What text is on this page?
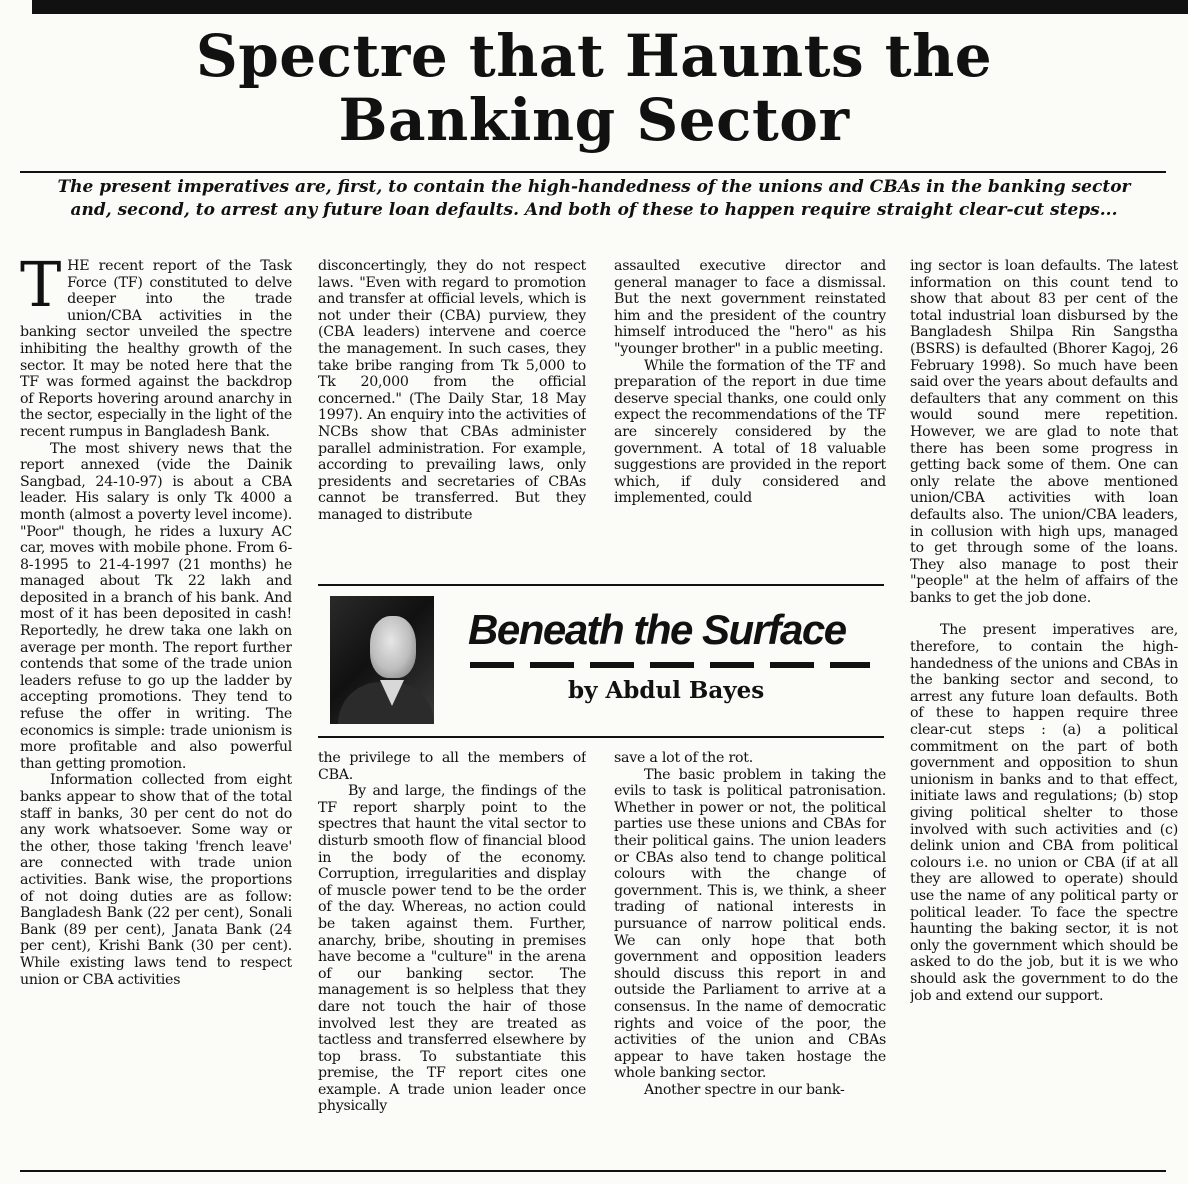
Spectre that Haunts the
Banking Sector
The present imperatives are, first, to contain the high-handedness of the unions and CBAs in the banking sector and, second, to arrest any future loan defaults. And both of these to happen require straight clear-cut steps...

THE recent report of the Task Force (TF) constituted to delve deeper into the trade union/CBA activities in the banking sector unveiled the spectre inhibiting the healthy growth of the sector. It may be noted here that the TF was formed against the backdrop of Reports hovering around anarchy in the sector, especially in the light of the recent rumpus in Bangladesh Bank.

The most shivery news that the report annexed (vide the Dainik Sangbad, 24-10-97) is about a CBA leader. His salary is only Tk 4000 a month (almost a poverty level income). "Poor" though, he rides a luxury AC car, moves with mobile phone. From 6-8-1995 to 21-4-1997 (21 months) he managed about Tk 22 lakh and deposited in a branch of his bank. And most of it has been deposited in cash! Reportedly, he drew taka one lakh on average per month. The report further contends that some of the trade union leaders refuse to go up the ladder by accepting promotions. They tend to refuse the offer in writing. The economics is simple: trade unionism is more profitable and also powerful than getting promotion.

Information collected from eight banks appear to show that of the total staff in banks, 30 per cent do not do any work whatsoever. Some way or the other, those taking 'french leave' are connected with trade union activities. Bank wise, the proportions of not doing duties are as follow: Bangladesh Bank (22 per cent), Sonali Bank (89 per cent), Janata Bank (24 per cent), Krishi Bank (30 per cent). While existing laws tend to respect union or CBA activities

disconcertingly, they do not respect laws. "Even with regard to promotion and transfer at official levels, which is not under their (CBA) purview, they (CBA leaders) intervene and coerce the management. In such cases, they take bribe ranging from Tk 5,000 to Tk 20,000 from the official concerned." (The Daily Star, 18 May 1997). An enquiry into the activities of NCBs show that CBAs administer parallel administration. For example, according to prevailing laws, only presidents and secretaries of CBAs cannot be transferred. But they managed to distribute

assaulted executive director and general manager to face a dismissal. But the next government reinstated him and the president of the country himself introduced the "hero" as his "younger brother" in a public meeting.

While the formation of the TF and preparation of the report in due time deserve special thanks, one could only expect the recommendations of the TF are sincerely considered by the government. A total of 18 valuable suggestions are provided in the report which, if duly considered and implemented, could

Beneath the Surface
by Abdul Bayes

the privilege to all the members of CBA.

By and large, the findings of the TF report sharply point to the spectres that haunt the vital sector to disturb smooth flow of financial blood in the body of the economy. Corruption, irregularities and display of muscle power tend to be the order of the day. Whereas, no action could be taken against them. Further, anarchy, bribe, shouting in premises have become a "culture" in the arena of our banking sector. The management is so helpless that they dare not touch the hair of those involved lest they are treated as tactless and transferred elsewhere by top brass. To substantiate this premise, the TF report cites one example. A trade union leader once physically

save a lot of the rot.

The basic problem in taking the evils to task is political patronisation. Whether in power or not, the political parties use these unions and CBAs for their political gains. The union leaders or CBAs also tend to change political colours with the change of government. This is, we think, a sheer trading of national interests in pursuance of narrow political ends. We can only hope that both government and opposition leaders should discuss this report in and outside the Parliament to arrive at a consensus. In the name of democratic rights and voice of the poor, the activities of the union and CBAs appear to have taken hostage the whole banking sector.

Another spectre in our bank-

ing sector is loan defaults. The latest information on this count tend to show that about 83 per cent of the total industrial loan disbursed by the Bangladesh Shilpa Rin Sangstha (BSRS) is defaulted (Bhorer Kagoj, 26 February 1998). So much have been said over the years about defaults and defaulters that any comment on this would sound mere repetition. However, we are glad to note that there has been some progress in getting back some of them. One can only relate the above mentioned union/CBA activities with loan defaults also. The union/CBA leaders, in collusion with high ups, managed to get through some of the loans. They also manage to post their "people" at the helm of affairs of the banks to get the job done.

The present imperatives are, therefore, to contain the high-handedness of the unions and CBAs in the banking sector and second, to arrest any future loan defaults. Both of these to happen require three clear-cut steps : (a) a political commitment on the part of both government and opposition to shun unionism in banks and to that effect, initiate laws and regulations; (b) stop giving political shelter to those involved with such activities and (c) delink union and CBA from political colours i.e. no union or CBA (if at all they are allowed to operate) should use the name of any political party or political leader. To face the spectre haunting the baking sector, it is not only the government which should be asked to do the job, but it is we who should ask the government to do the job and extend our support.
